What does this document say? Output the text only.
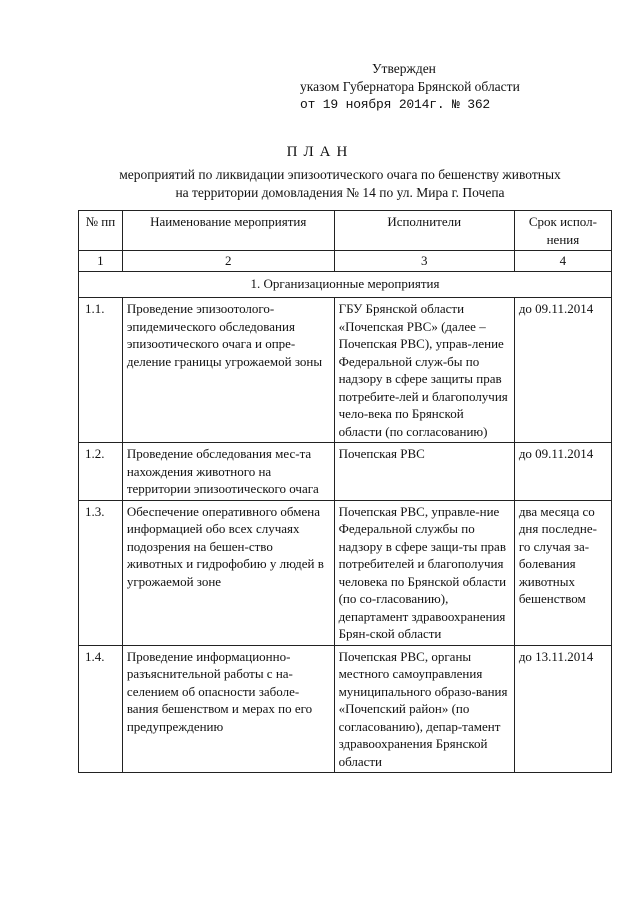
Утвержден
указом Губернатора Брянской области
от 19 ноября 2014г. № 362
ПЛАН
мероприятий по ликвидации эпизоотического очага по бешенству животных
на территории домовладения № 14 по ул. Мира г. Почепа
№ пп	Наименование мероприятия	Исполнители	Срок испол- нения
1	2	3	4
1. Организационные мероприятия			
1.1.	Проведение эпизоотолого-эпидемического обследования эпизоотического очага и опре-деление границы угрожаемой зоны	ГБУ Брянской области «Почепская РВС» (далее – Почепская РВС), управ-ление Федеральной служ-бы по надзору в сфере защиты прав потребите-лей и благополучия чело-века по Брянской области (по согласованию)	до 09.11.2014
1.2.	Проведение обследования мес-та нахождения животного на территории эпизоотического очага	Почепская РВС	до 09.11.2014
1.3.	Обеспечение оперативного обмена информацией обо всех случаях подозрения на бешен-ство животных и гидрофобию у людей в угрожаемой зоне	Почепская РВС, управле-ние Федеральной службы по надзору в сфере защи-ты прав потребителей и благополучия человека по Брянской области (по со-гласованию), департамент здравоохранения Брян-ской области	два месяца со дня последне-го случая за-болевания животных бешенством
1.4.	Проведение информационно-разъяснительной работы с на-селением об опасности заболе-вания бешенством и мерах по его предупреждению	Почепская РВС, органы местного самоуправления муниципального образо-вания «Почепский район» (по согласованию), депар-тамент здравоохранения Брянской области	до 13.11.2014
